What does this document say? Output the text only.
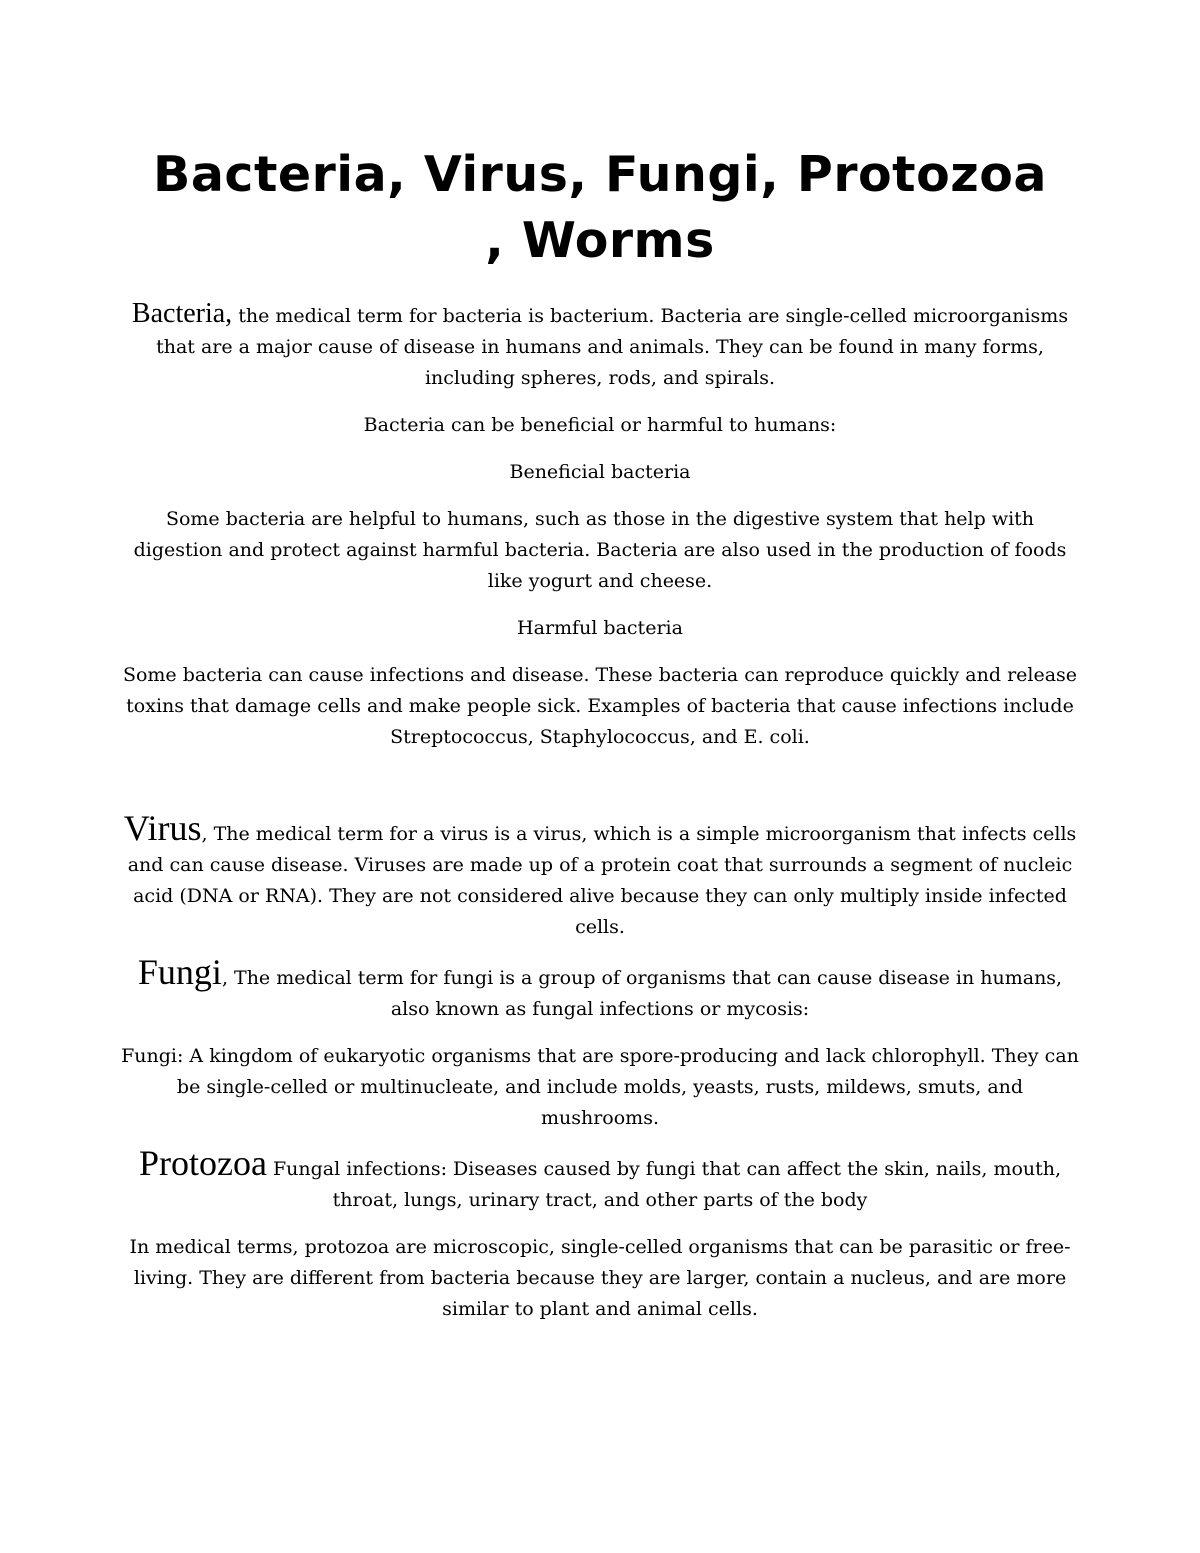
Bacteria, Virus, Fungi, Protozoa
, Worms

Bacteria, the medical term for bacteria is bacterium. Bacteria are single-celled microorganisms that are a major cause of disease in humans and animals. They can be found in many forms, including spheres, rods, and spirals.

Bacteria can be beneficial or harmful to humans:

Beneficial bacteria

Some bacteria are helpful to humans, such as those in the digestive system that help with digestion and protect against harmful bacteria. Bacteria are also used in the production of foods like yogurt and cheese.

Harmful bacteria

Some bacteria can cause infections and disease. These bacteria can reproduce quickly and release toxins that damage cells and make people sick. Examples of bacteria that cause infections include Streptococcus, Staphylococcus, and E. coli.

Virus, The medical term for a virus is a virus, which is a simple microorganism that infects cells and can cause disease. Viruses are made up of a protein coat that surrounds a segment of nucleic acid (DNA or RNA). They are not considered alive because they can only multiply inside infected cells.

Fungi, The medical term for fungi is a group of organisms that can cause disease in humans, also known as fungal infections or mycosis:

Fungi: A kingdom of eukaryotic organisms that are spore-producing and lack chlorophyll. They can be single-celled or multinucleate, and include molds, yeasts, rusts, mildews, smuts, and mushrooms.

Protozoa Fungal infections: Diseases caused by fungi that can affect the skin, nails, mouth, throat, lungs, urinary tract, and other parts of the body

In medical terms, protozoa are microscopic, single-celled organisms that can be parasitic or free-living. They are different from bacteria because they are larger, contain a nucleus, and are more similar to plant and animal cells.
